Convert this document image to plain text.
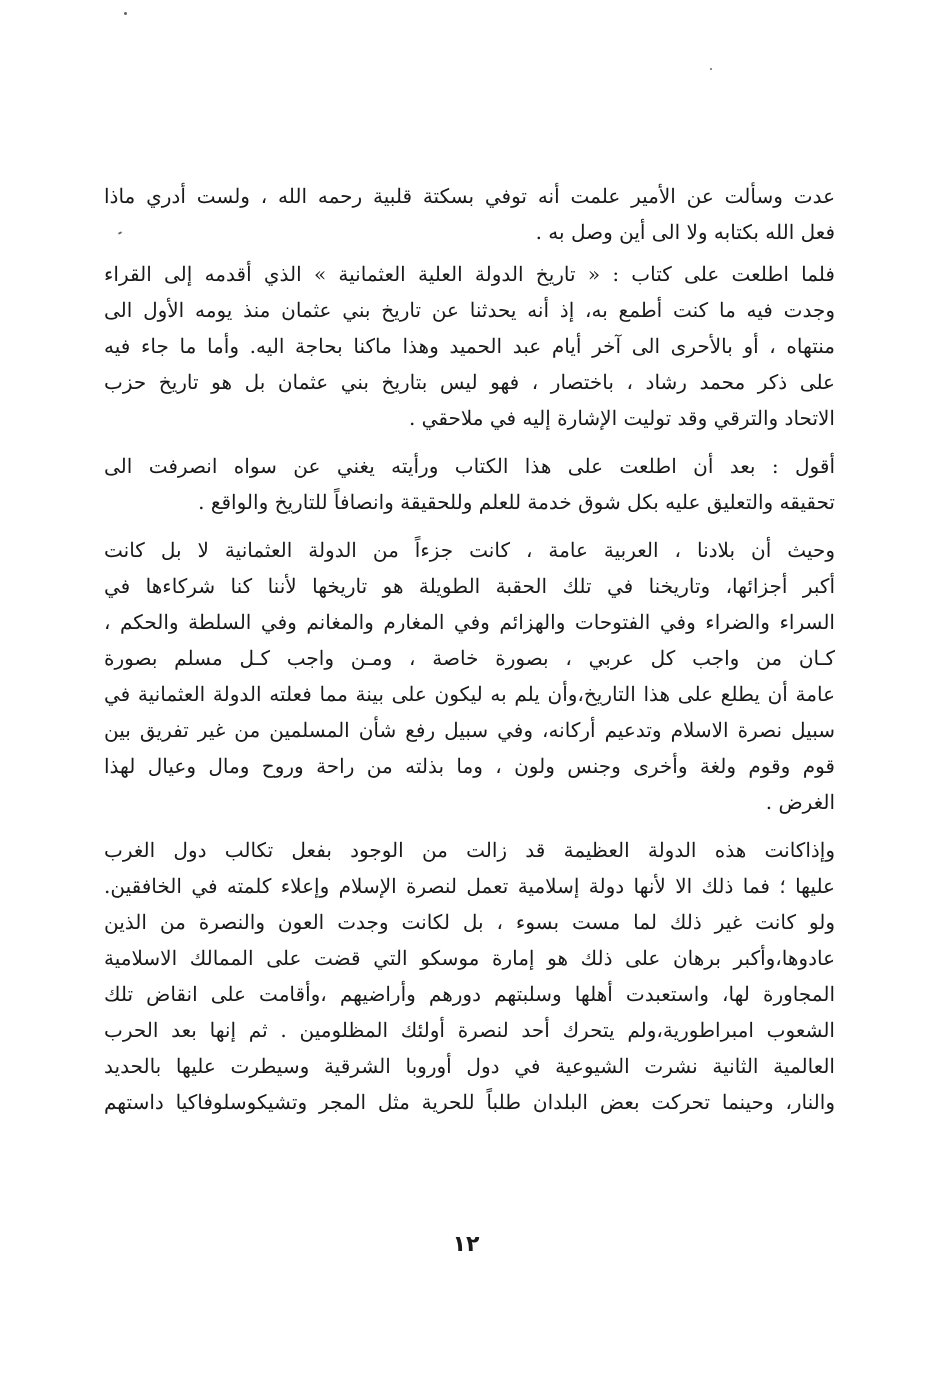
عدت وسألت عن الأمير علمت أنه توفي بسكتة قلبية رحمه الله ، ولست أدري ماذا
فعل الله بكتابه ولا الى أين وصل به .
فلما اطلعت على كتاب : « تاريخ الدولة العلية العثمانية » الذي أقدمه إلى القراء
وجدت فيه ما كنت أطمع به، إذ أنه يحدثنا عن تاريخ بني عثمان منذ يومه الأول الى
منتهاه ، أو بالأحرى الى آخر أيام عبد الحميد وهذا ماكنا بحاجة اليه. وأما ما جاء فيه
على ذكر محمد رشاد ، باختصار ، فهو ليس بتاريخ بني عثمان بل هو تاريخ حزب
الاتحاد والترقي وقد توليت الإشارة إليه في ملاحقي .
أقول : بعد أن اطلعت على هذا الكتاب ورأيته يغني عن سواه انصرفت الى
تحقيقه والتعليق عليه بكل شوق خدمة للعلم وللحقيقة وانصافاً للتاريخ والواقع .
وحيث أن بلادنا ، العربية عامة ، كانت جزءاً من الدولة العثمانية لا بل كانت
أكبر أجزائها، وتاريخنا في تلك الحقبة الطويلة هو تاريخها لأننا كنا شركاءها في
السراء والضراء وفي الفتوحات والهزائم وفي المغارم والمغانم وفي السلطة والحكم ،
كـان من واجب كل عربي ، بصورة خاصة ، ومـن واجب كـل مسلم بصورة
عامة أن يطلع على هذا التاريخ،وأن يلم به ليكون على بينة مما فعلته الدولة العثمانية في
سبيل نصرة الاسلام وتدعيم أركانه، وفي سبيل رفع شأن المسلمين من غير تفريق بين
قوم وقوم ولغة وأخرى وجنس ولون ، وما بذلته من راحة وروح ومال وعيال لهذا
الغرض .
وإذاكانت هذه الدولة العظيمة قد زالت من الوجود بفعل تكالب دول الغرب
عليها ؛ فما ذلك الا لأنها دولة إسلامية تعمل لنصرة الإسلام وإعلاء كلمته في الخافقين.
ولو كانت غير ذلك لما مست بسوء ، بل لكانت وجدت العون والنصرة من الذين
عادوها،وأكبر برهان على ذلك هو إمارة موسكو التي قضت على الممالك الاسلامية
المجاورة لها، واستعبدت أهلها وسلبتهم دورهم وأراضيهم ،وأقامت على انقاض تلك
الشعوب امبراطورية،ولم يتحرك أحد لنصرة أولئك المظلومين . ثم إنها بعد الحرب
العالمية الثانية نشرت الشيوعية في دول أوروبا الشرقية وسيطرت عليها بالحديد
والنار، وحينما تحركت بعض البلدان طلباً للحرية مثل المجر وتشيكوسلوفاكيا داستهم
١٢
